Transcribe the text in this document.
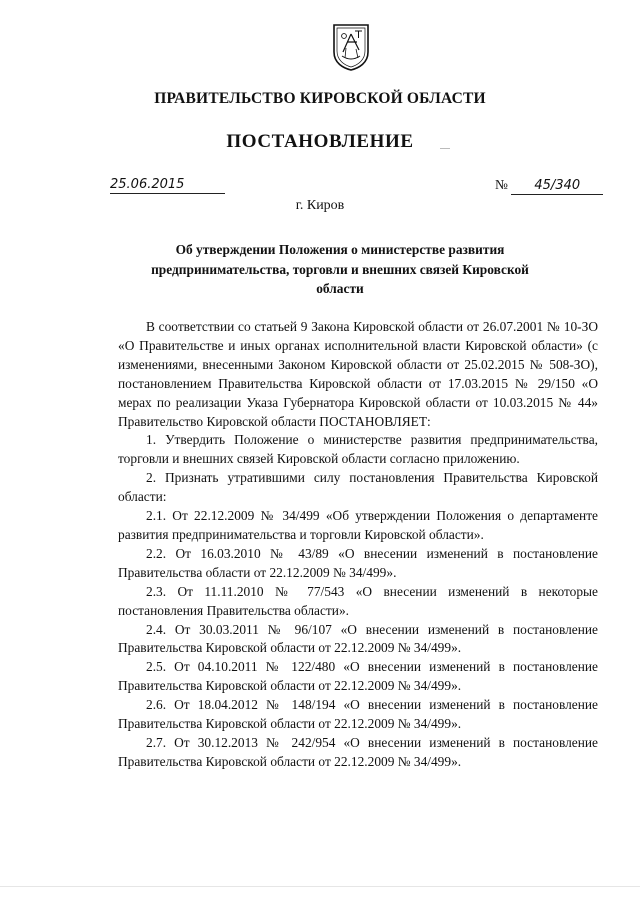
ПРАВИТЕЛЬСТВО КИРОВСКОЙ ОБЛАСТИ
ПОСТАНОВЛЕНИЕ
25.06.2015	№ 45/340
г. Киров
Об утверждении Положения о министерстве развития предпринимательства, торговли и внешних связей Кировской области

В соответствии со статьей 9 Закона Кировской области от 26.07.2001 № 10-ЗО «О Правительстве и иных органах исполнительной власти Кировской области» (с изменениями, внесенными Законом Кировской области от 25.02.2015 № 508-ЗО), постановлением Правительства Кировской области от 17.03.2015 № 29/150 «О мерах по реализации Указа Губернатора Кировской области от 10.03.2015 № 44» Правительство Кировской области ПОСТАНОВЛЯЕТ:

1. Утвердить Положение о министерстве развития предпринимательства, торговли и внешних связей Кировской области согласно приложению.

2. Признать утратившими силу постановления Правительства Кировской области:

2.1. От 22.12.2009 № 34/499 «Об утверждении Положения о департаменте развития предпринимательства и торговли Кировской области».

2.2. От 16.03.2010 № 43/89 «О внесении изменений в постановление Правительства области от 22.12.2009 № 34/499».

2.3. От 11.11.2010 № 77/543 «О внесении изменений в некоторые постановления Правительства области».

2.4. От 30.03.2011 № 96/107 «О внесении изменений в постановление Правительства Кировской области от 22.12.2009 № 34/499».

2.5. От 04.10.2011 № 122/480 «О внесении изменений в постановление Правительства Кировской области от 22.12.2009 № 34/499».

2.6. От 18.04.2012 № 148/194 «О внесении изменений в постановление Правительства Кировской области от 22.12.2009 № 34/499».

2.7. От 30.12.2013 № 242/954 «О внесении изменений в постановление Правительства Кировской области от 22.12.2009 № 34/499».
